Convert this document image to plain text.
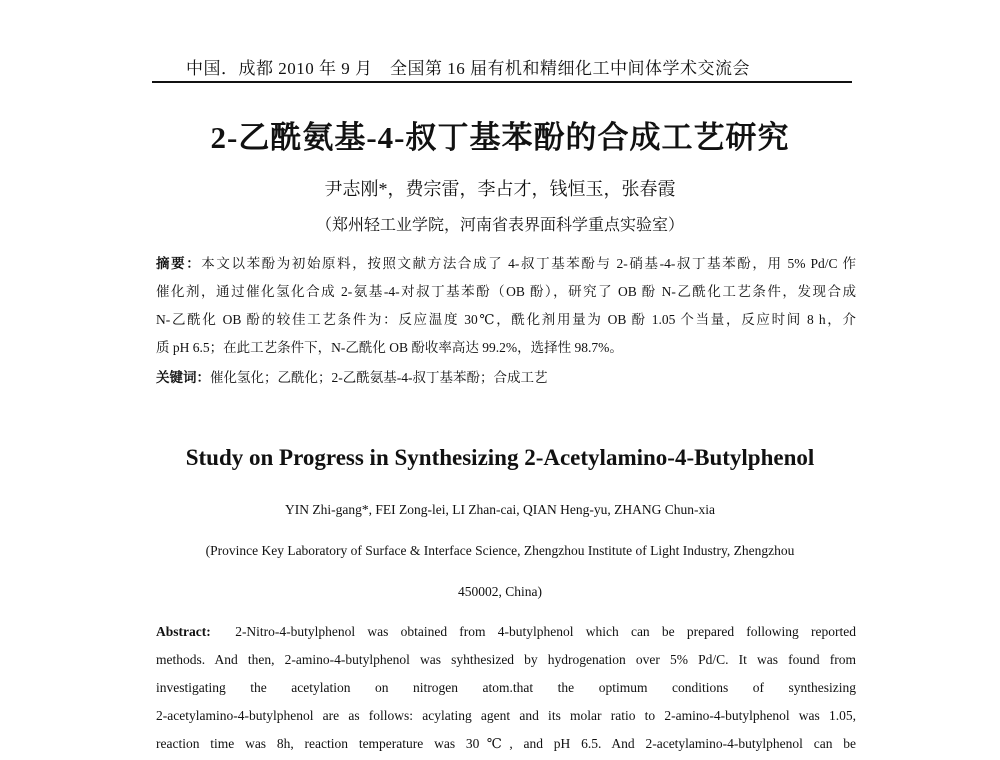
中国．成都 2010 年 9 月　全国第 16 届有机和精细化工中间体学术交流会
2-乙酰氨基-4-叔丁基苯酚的合成工艺研究
尹志刚*，费宗雷，李占才，钱恒玉，张春霞
（郑州轻工业学院，河南省表界面科学重点实验室）

摘要：本文以苯酚为初始原料，按照文献方法合成了 4-叔丁基苯酚与 2-硝基-4-叔丁基苯酚，用 5% Pd/C 作

催化剂，通过催化氢化合成 2-氨基-4-对叔丁基苯酚（OB 酚），研究了 OB 酚 N-乙酰化工艺条件，发现合成

N-乙酰化 OB 酚的较佳工艺条件为：反应温度 30℃，酰化剂用量为 OB 酚 1.05 个当量，反应时间 8 h，介

质 pH 6.5；在此工艺条件下，N-乙酰化 OB 酚收率高达 99.2%，选择性 98.7%。

关键词：催化氢化；乙酰化；2-乙酰氨基-4-叔丁基苯酚；合成工艺
Study on Progress in Synthesizing 2-Acetylamino-4-Butylphenol
YIN Zhi-gang*, FEI Zong-lei, LI Zhan-cai, QIAN Heng-yu, ZHANG Chun-xia
(Province Key Laboratory of Surface & Interface Science, Zhengzhou Institute of Light Industry, Zhengzhou
450002, China)
Abstract: 2-Nitro-4-butylphenol was obtained from 4-butylphenol which can be prepared following reported
methods. And then, 2-amino-4-butylphenol was syhthesized by hydrogenation over 5% Pd/C. It was found from
investigating the acetylation on nitrogen atom.that the optimum conditions of synthesizing
2-acetylamino-4-butylphenol are as follows: acylating agent and its molar ratio to 2-amino-4-butylphenol was 1.05,
reaction time was 8h, reaction temperature was 30℃, and pH 6.5. And 2-acetylamino-4-butylphenol can be
